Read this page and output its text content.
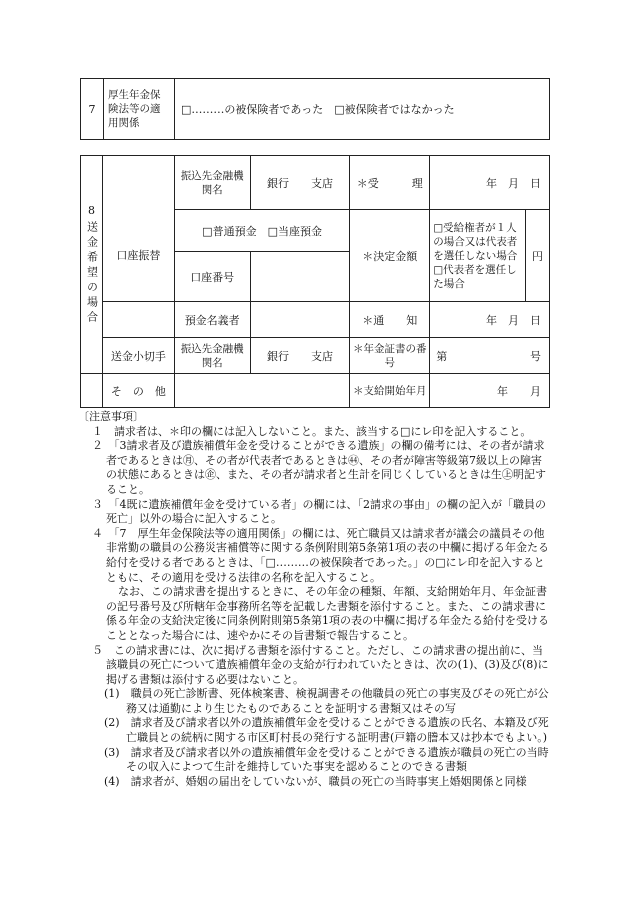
7	厚生年金保険法等の適用関係	□………の被保険者であった　□被保険者ではなかった
8
送金希望の場合		振込先金融機関名	銀行　　支店	＊受　　　理	年　月　日	
	口座振替	□普通預金　□当座預金		＊決定金額	□受給権者が１人の場合又は代表者を選任しない場合□代表者を選任した場合	円
		口座番号				
		預金名義者		＊通　　知	年　月　日	
	送金小切手	振込先金融機関名	銀行　　支店	＊年金証書の番号	第 号	

	そ　の　他			＊支給開始年月	年　　月	
〔注意事項〕
１　請求者は、＊印の欄には記入しないこと。また、該当する□にレ印を記入すること。
２　「3請求者及び遺族補償年金を受けることができる遺族」の欄の備考には、その者が請求者であるときは㊊、その者が代表者であるときは㊹、その者が障害等級第7級以上の障害の状態にあるときは㊭、また、その者が請求者と生計を同じくしているときは生㊤明記すること。
３　「4既に遺族補償年金を受けている者」の欄には、「2請求の事由」の欄の記入が「職員の死亡」以外の場合に記入すること。
４　「7　厚生年金保険法等の適用関係」の欄には、死亡職員又は請求者が議会の議員その他非常勤の職員の公務災害補償等に関する条例附則第5条第1項の表の中欄に掲げる年金たる給付を受ける者であるときは、「□………の被保険者であった。」の□にレ印を記入するとともに、その適用を受ける法律の名称を記入すること。
なお、この請求書を提出するときに、その年金の種類、年額、支給開始年月、年金証書の記号番号及び所轄年金事務所名等を記載した書類を添付すること。また、この請求書に係る年金の支給決定後に同条例附則第5条第1項の表の中欄に掲げる年金たる給付を受けることとなった場合には、速やかにその旨書類で報告すること。
５　この請求書には、次に掲げる書類を添付すること。ただし、この請求書の提出前に、当該職員の死亡について遺族補償年金の支給が行われていたときは、次の(1)、(3)及び(8)に掲げる書類は添付する必要はないこと。
(1)　職員の死亡診断書、死体検案書、検視調書その他職員の死亡の事実及びその死亡が公務又は通勤により生じたものであることを証明する書類又はその写
(2)　請求者及び請求者以外の遺族補償年金を受けることができる遺族の氏名、本籍及び死亡職員との続柄に関する市区町村長の発行する証明書(戸籍の謄本又は抄本でもよい。)
(3)　請求者及び請求者以外の遺族補償年金を受けることができる遺族が職員の死亡の当時その収入によつて生計を維持していた事実を認めることのできる書類
(4)　請求者が、婚姻の届出をしていないが、職員の死亡の当時事実上婚姻関係と同様
